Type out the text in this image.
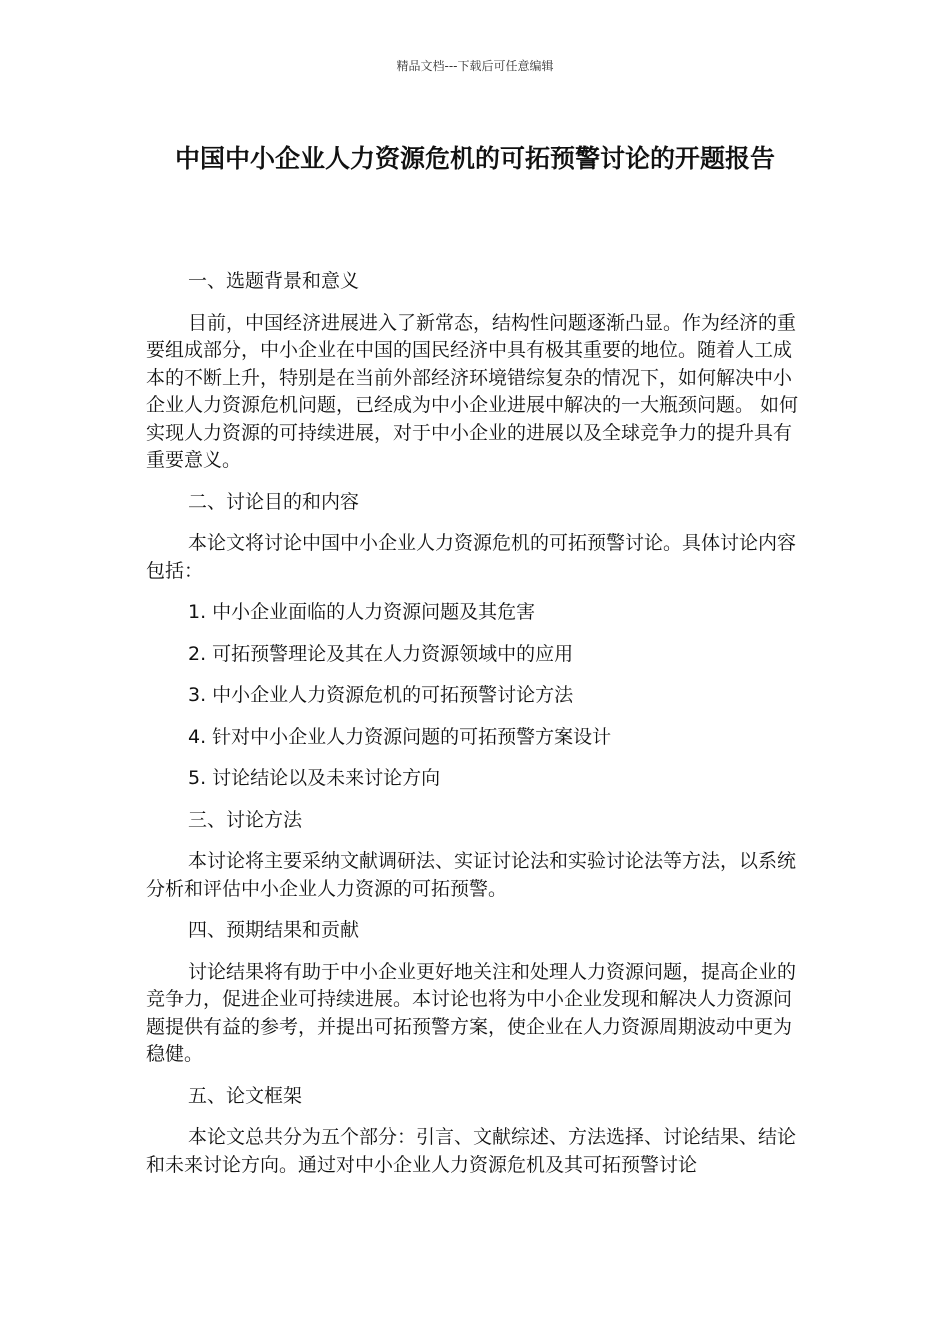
精品文档---下载后可任意编辑
中国中小企业人力资源危机的可拓预警讨论的开题报告

一、选题背景和意义

目前，中国经济进展进入了新常态，结构性问题逐渐凸显。作为经济的重要组成部分，中小企业在中国的国民经济中具有极其重要的地位。随着人工成本的不断上升，特别是在当前外部经济环境错综复杂的情况下，如何解决中小企业人力资源危机问题，已经成为中小企业进展中解决的一大瓶颈问题。 如何实现人力资源的可持续进展，对于中小企业的进展以及全球竞争力的提升具有重要意义。

二、讨论目的和内容

本论文将讨论中国中小企业人力资源危机的可拓预警讨论。具体讨论内容包括：

1. 中小企业面临的人力资源问题及其危害

2. 可拓预警理论及其在人力资源领域中的应用

3. 中小企业人力资源危机的可拓预警讨论方法

4. 针对中小企业人力资源问题的可拓预警方案设计

5. 讨论结论以及未来讨论方向

三、讨论方法

本讨论将主要采纳文献调研法、实证讨论法和实验讨论法等方法，以系统分析和评估中小企业人力资源的可拓预警。

四、预期结果和贡献

讨论结果将有助于中小企业更好地关注和处理人力资源问题，提高企业的竞争力，促进企业可持续进展。本讨论也将为中小企业发现和解决人力资源问题提供有益的参考，并提出可拓预警方案，使企业在人力资源周期波动中更为稳健。

五、论文框架

本论文总共分为五个部分：引言、文献综述、方法选择、讨论结果、结论和未来讨论方向。通过对中小企业人力资源危机及其可拓预警讨论
